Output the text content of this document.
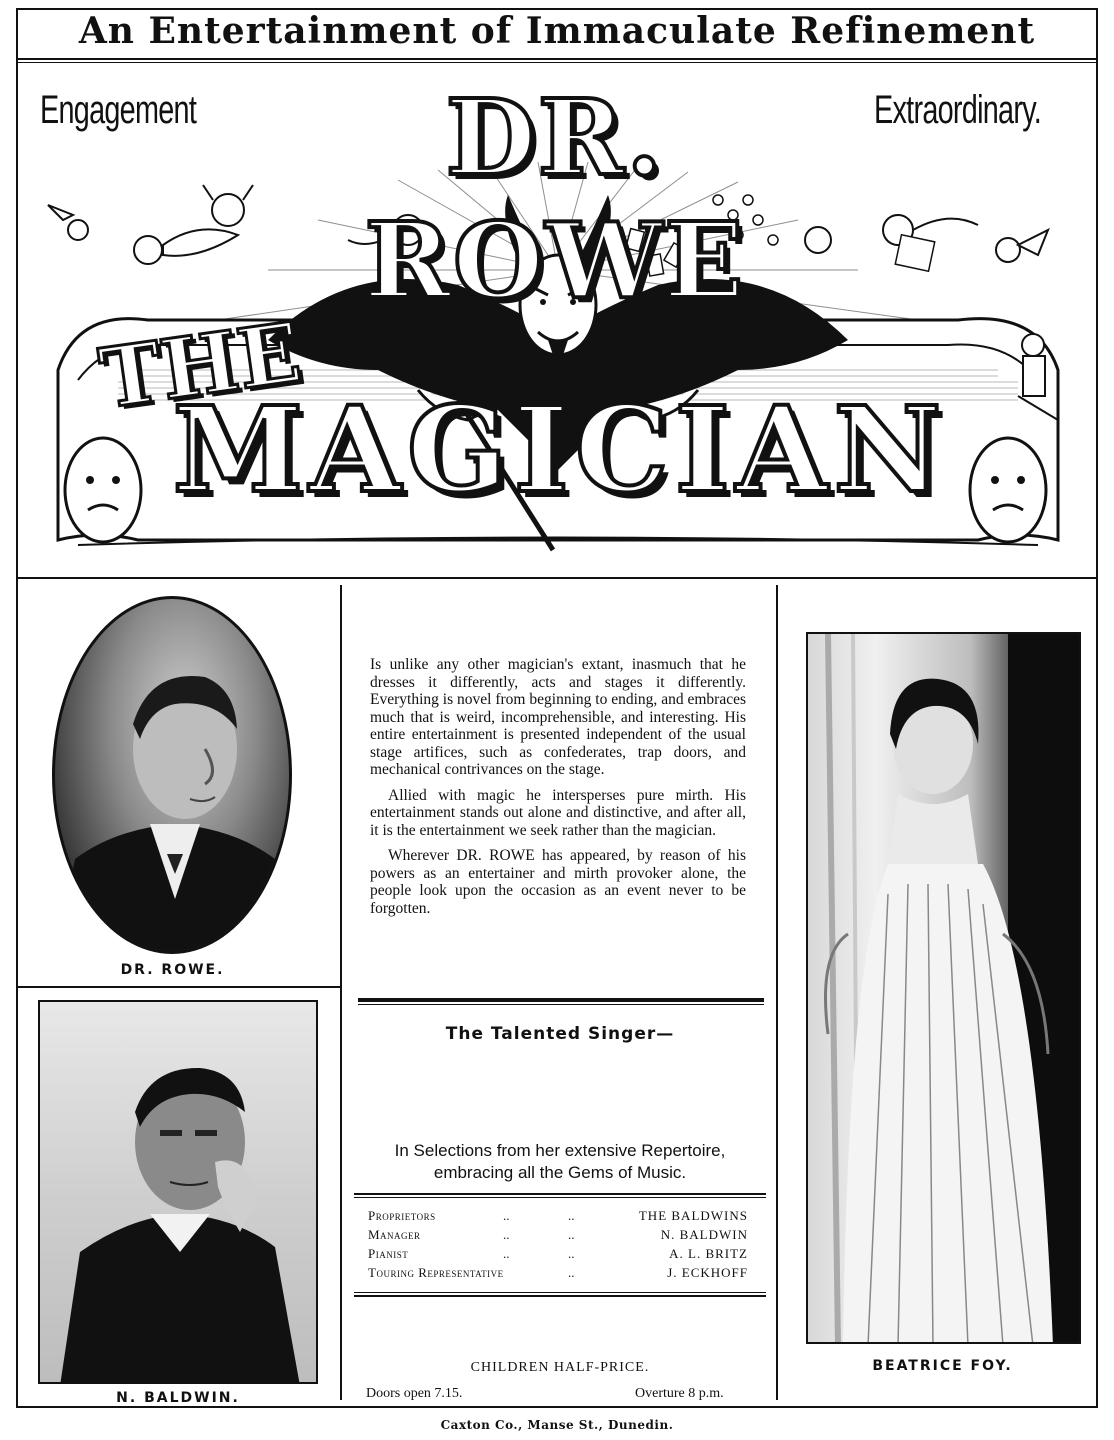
An Entertainment of Immaculate Refinement
Engagement	Extraordinary.
DR. ROWE
THE
MAGICIAN
DR. ROWE.
N. BALDWIN.

Is unlike any other magician's extant, inasmuch that he dresses it differently, acts and stages it differently. Everything is novel from beginning to ending, and embraces much that is weird, incomprehensible, and interesting. His entire entertainment is presented independent of the usual stage artifices, such as confederates, trap doors, and mechanical contrivances on the stage.

Allied with magic he intersperses pure mirth. His entertainment stands out alone and distinctive, and after all, it is the entertainment we seek rather than the magician.

Wherever DR. ROWE has appeared, by reason of his powers as an entertainer and mirth provoker alone, the people look upon the occasion as an event never to be forgotten.

The Talented Singer—
In Selections from her extensive Repertoire,
embracing all the Gems of Music.
Proprietors	..	..	THE BALDWINS
Manager	..	..	N. BALDWIN
Pianist	..	..	A. L. BRITZ
Touring Representative	..	J. ECKHOFF
CHILDREN HALF-PRICE.
Doors open 7.15.	Overture 8 p.m.
BEATRICE FOY.
Caxton Co., Manse St., Dunedin.
